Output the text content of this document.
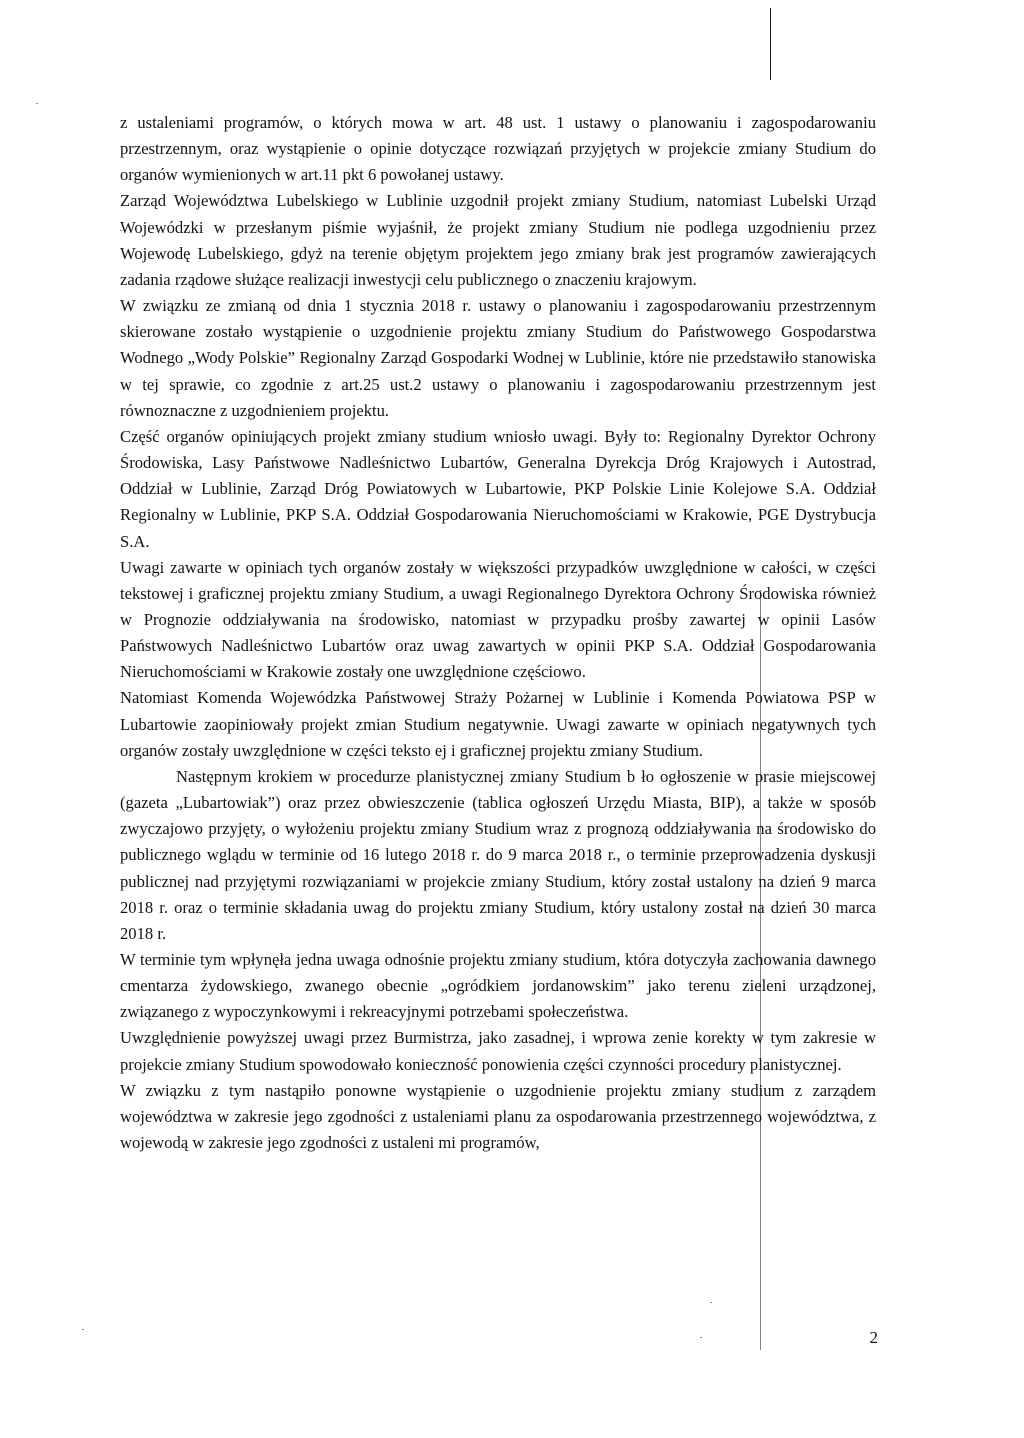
z ustaleniami programów, o których mowa w art. 48 ust. 1 ustawy o planowaniu i zagospodarowaniu przestrzennym, oraz wystąpienie o opinie dotyczące rozwiązań przyjętych w projekcie zmiany Studium do organów wymienionych w art.11 pkt 6 powołanej ustawy.

Zarząd Województwa Lubelskiego w Lublinie uzgodnił projekt zmiany Studium, natomiast Lubelski Urząd Wojewódzki w przesłanym piśmie wyjaśnił, że projekt zmiany Studium nie podlega uzgodnieniu przez Wojewodę Lubelskiego, gdyż na terenie objętym projektem jego zmiany brak jest programów zawierających zadania rządowe służące realizacji inwestycji celu publicznego o znaczeniu krajowym.

W związku ze zmianą od dnia 1 stycznia 2018 r. ustawy o planowaniu i zagospodarowaniu przestrzennym skierowane zostało wystąpienie o uzgodnienie projektu zmiany Studium do Państwowego Gospodarstwa Wodnego „Wody Polskie” Regionalny Zarząd Gospodarki Wodnej w Lublinie, które nie przedstawiło stanowiska w tej sprawie, co zgodnie z art.25 ust.2 ustawy o planowaniu i zagospodarowaniu przestrzennym jest równoznaczne z uzgodnieniem projektu.

Część organów opiniujących projekt zmiany studium wniosło uwagi. Były to: Regionalny Dyrektor Ochrony Środowiska, Lasy Państwowe Nadleśnictwo Lubartów, Generalna Dyrekcja Dróg Krajowych i Autostrad, Oddział w Lublinie, Zarząd Dróg Powiatowych w Lubartowie, PKP Polskie Linie Kolejowe S.A. Oddział Regionalny w Lublinie, PKP S.A. Oddział Gospodarowania Nieruchomościami w Krakowie, PGE Dystrybucja S.A.

Uwagi zawarte w opiniach tych organów zostały w większości przypadków uwzględnione w całości, w części tekstowej i graficznej projektu zmiany Studium, a uwagi Regionalnego Dyrektora Ochrony Środowiska również w Prognozie oddziaływania na środowisko, natomiast w przypadku prośby zawartej w opinii Lasów Państwowych Nadleśnictwo Lubartów oraz uwag zawartych w opinii PKP S.A. Oddział Gospodarowania Nieruchomościami w Krakowie zostały one uwzględnione częściowo.

Natomiast Komenda Wojewódzka Państwowej Straży Pożarnej w Lublinie i Komenda Powiatowa PSP w Lubartowie zaopiniowały projekt zmian Studium negatywnie. Uwagi zawarte w opiniach negatywnych tych organów zostały uwzględnione w części teksto ej i graficznej projektu zmiany Studium.

Następnym krokiem w procedurze planistycznej zmiany Studium b ło ogłoszenie w prasie miejscowej (gazeta „Lubartowiak”) oraz przez obwieszczenie (tablica ogłoszeń Urzędu Miasta, BIP), a także w sposób zwyczajowo przyjęty, o wyłożeniu projektu zmiany Studium wraz z prognozą oddziaływania na środowisko do publicznego wglądu w terminie od 16 lutego 2018 r. do 9 marca 2018 r., o terminie przeprowadzenia dyskusji publicznej nad przyjętymi rozwiązaniami w projekcie zmiany Studium, który został ustalony na dzień 9 marca 2018 r. oraz o terminie składania uwag do projektu zmiany Studium, który ustalony został na dzień 30 marca 2018 r.

W terminie tym wpłynęła jedna uwaga odnośnie projektu zmiany studium, która dotyczyła zachowania dawnego cmentarza żydowskiego, zwanego obecnie „ogródkiem jordanowskim” jako terenu zieleni urządzonej, związanego z wypoczynkowymi i rekreacyjnymi potrzebami społeczeństwa.

Uwzględnienie powyższej uwagi przez Burmistrza, jako zasadnej, i wprowa zenie korekty w tym zakresie w projekcie zmiany Studium spowodowało konieczność ponowienia części czynności procedury planistycznej.

W związku z tym nastąpiło ponowne wystąpienie o uzgodnienie projektu zmiany studium z zarządem województwa w zakresie jego zgodności z ustaleniami planu za ospodarowania przestrzennego województwa, z wojewodą w zakresie jego zgodności z ustaleni mi programów,

2
